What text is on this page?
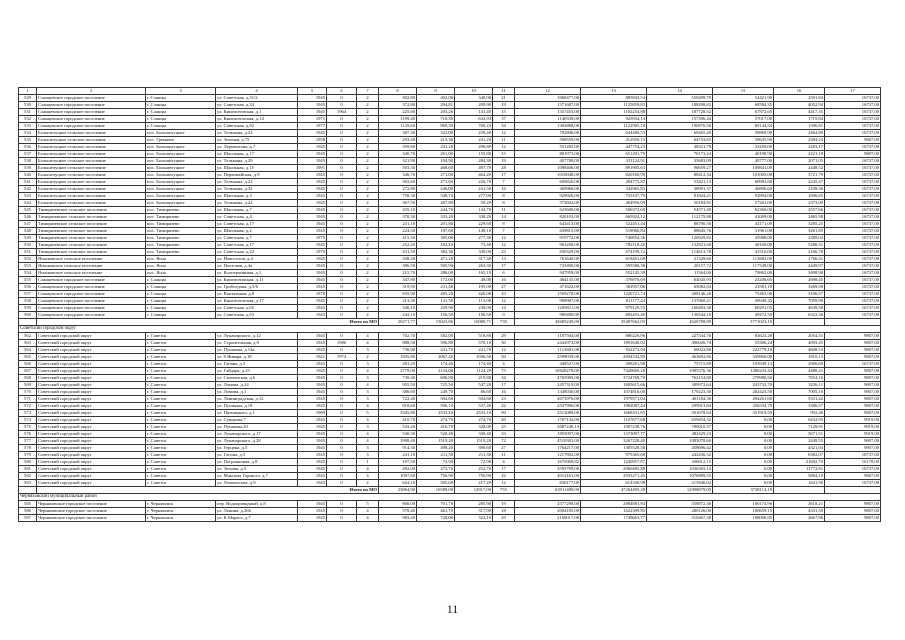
1	2	3	4	5	6	7	8	9	10	11	12	13	14	15	16	17
529	Сланцевское городское поселение	г. Сланцы	ул. Советская, д.31/2	1945	0	2	402,80	402,00	340,00	21	1968477,00	885843,54	550209,79	54421,90	2591,84	16737,00
530	Сланцевское городское поселение	г. Сланцы	ул. Советская, д.34	1945	0	2	372,80	294,81	209,90	19	1371687,00	1125859,83	188298,82	68584,35	4052,94	16737,00
531	Сланцевское городское поселение	г. Сланцы	ул. Кингисеппская, д.1	1945	1964	2	225,60	203,26	141,40	15	1357453,00	1102254,88	187728,52	67872,65	4417,35	16737,00
532	Сланцевское городское поселение	г. Сланцы	ул. Кингисеппская, д.14	1971	0	2	1199,40	710,30	632,93	37	1140338,00	925934,14	157396,44	57017,00	1719,84	16737,00
533	Сланцевское городское поселение	г. Сланцы	ул. Советская, д.82	1977	0	2	1129,60	869,30	769,23	34	1382888,00	1122905,18	190876,56	69144,34	1596,81	16737,00
534	Большелуцкое сельское поселение	пос. Большелуцкое	ул. Тельмана, д.24	1945	0	2	387,30	322,00	239,40	12	792806,00	644480,53	69465,49	39869,90	2464,89	16737,00
535	Большелуцкое сельское поселение	пос. Гремячее	ул. Зеленая, д.75	1958	0	2	293,40	213,30	241,20	11	508559,00	412950,15	64753,65	39635,90	2384,24	9807,00
536	Большелуцкое сельское поселение	пос. Большелуцкое	ул. Лермонтова, д.7	1945	0	2	359,80	241,20	298,80	12	551285,00	447754,23	48321,78	33259,00	2283,17	16737,00
537	Большелуцкое сельское поселение	пос. Большелуцкое	ул. Школьная, д.17	1945	0	2	340,76	261,00	155,80	15	801973,00	651201,79	70173,24	40198,90	2221,19	9807,00
538	Большелуцкое сельское поселение	пос. Большелуцкое	ул. Тельмана, д.29	1945	0	2	321,90	194,90	284,30	19	407780,00	331124,91	35683,09	40777,00	2071,05	16737,00
539	Большелуцкое сельское поселение	пос. Большелуцкое	ул. Школьная, д.15	1991	0	2	503,30	468,60	497,70	28	1098406,00	891905,63	96659,27	109841,00	2448,52	16737,00
540	Большелуцкое сельское поселение	пос. Большелуцкое	ул. Первомайская, д.9	1945	0	2	346,70	271,00	464,20	17	1010048,00	820160,99	88412,34	101005,00	3721,79	16737,00
541	Большелуцкое сельское поселение	пос. Большелуцкое	ул. Тельмана, д.22	1945	0	2	302,60	271,60	226,70	7	609826,00	494775,87	53421,13	60982,60	2245,47	16737,00
542	Большелуцкое сельское поселение	пос. Большелуцкое	ул. Тельмана, д.32	1945	0	2	272,80	246,00	241,50	16	469966,00	342965,83	38991,37	46896,60	2109,36	16737,00
543	Большелуцкое сельское поселение	пос. Большелуцкое	ул. Школьная, д.3	1945	0	2	758,30	548,10	277,00	8	929926,00	755107,79	81824,21	92994,00	1696,65	16737,00
544	Большелуцкое сельское поселение	пос. Большелуцкое	ул. Тельмана, д.24	1945	0	2	367,50	267,80	59,20	8	572604,00	464956,09	50184,91	57261,00	2373,00	16737,00
545	Тимирязевское сельское поселение	пос. Тимирязево	ул. Школьная, д.7	1945	0	2	435,10	244,70	144,70	11	623600,00	506372,60	54571,40	62360,00	2557,66	16737,00
546	Тимирязевское сельское поселение	пос. Тимирязево	ул. Советская, д.4	1945	0	2	370,30	333,20	338,20	14	820103,00	665924,12	112175,88	41009,00	2465,98	16737,00
547	Тимирязевское сельское поселение	пос. Тимирязево	ул. Советская, д.17	1945	0	2	231,10	201,80	229,60	8	643413,00	522451,44	88790,56	32171,00	3285,25	16737,00
548	Тимирязевское сельское поселение	пос. Тимирязево	ул. Школьная, д.2	1945	0	2	224,50	197,60	149,10	7	639815,00	518966,84	88845,76	31961,00	3261,85	16737,00
549	Тимирязевское сельское поселение	пос. Тимирязево	ул. Советская, д.7	1975	0	2	415,30	385,00	277,30	12	919772,00	746854,36	126929,82	45988,00	2389,02	16737,00
550	Тимирязевское сельское поселение	пос. Тимирязево	ул. Советская, д.17	1945	0	2	252,20	182,10	73,40	12	963200,00	782118,40	132921,60	48160,00	5280,31	16737,00
551	Тимирязевское сельское поселение	пос. Тимирязево	ул. Советская, д.22	1970	0	2	431,50	382,30	330,00	23	830329,00	674199,12	114613,78	41516,00	2166,78	16737,00
552	Ясноковское сельское поселение	пос. Ясно	ул. Новоселов, д.4	1945	0	2	338,20	471,20	317,30	13	761640,00	618451,68	21329,60	113882,00	1766,31	16737,00
553	Ясноковское сельское поселение	пос. Ясно	ул. Почтовая, д.4а	1945	0	2	396,50	505,90	263,30	17	733490,00	595586,38	20157,72	117549,00	2449,97	16737,00
554	Ясноковское сельское поселение	пос. Ясно	ул. Кооперативная, д.1	1945	0	2	215,70	286,00	165,10	6	947959,00	552145,39	11564,00	79862,00	3498,90	16737,00
555	Сланцевское городское поселение	г. Сланцы	ул. Кингисеппская, д.11	1945	0	2	347,80	172,00	48,00	16	464135,00	376876,69	64045,93	23206,65	2698,45	16737,00
556	Сланцевское городское поселение	г. Сланцы	ул. Грибоедова, д.5/6	1945	0	2	319,90	231,40	195,00	27	471622,00	382957,06	65082,84	23581,10	3269,99	16737,00
557	Сланцевское городское поселение	г. Сланцы	ул. Вокзальная, д.8	1978	0	2	835,90	485,20	426,00	43	1509278,00	1226721,74	208146,26	75463,90	3106,57	16737,00
558	Сланцевское городское поселение	г. Сланцы	ул. Кингисеппская, д.17	1945	0	2	213,30	141,50	113,00	12	998987,00	811177,44	137860,21	49949,35	7059,98	16737,00
559	Сланцевское городское поселение	г. Сланцы	ул. Советская, д.65	1945	0	2	346,10	259,90	239,00	14	1205821,00	979120,55	166403,30	60291,05	4639,58	16737,00
560	Сланцевское городское поселение	г. Сланцы	ул. Советская, д.63	1945	0	2	242,10	156,50	156,50	9	989490,00	803453,40	136544,10	49472,50	6322,36	16737,00
	Итого по МО						20271,77	15023,86	10080,71	735	43685249,00	35487662,05	4626788,89	3771023,10		
Советский городской округ																
562	Советский городской округ	г. Советск	ул. Луначарского, д.12	1945	0	4	702,70	582,00	518,80	29	1187504,00	886226,96	227544,76	83623,28	2054,51	9807,00
563	Советский городской округ	г. Советск	ул. Строительная, д.9	1945	1986	4	888,50	596,80	570,10	30	2442973,00	1891640,02	496026,74	55306,24	4093,45	9807,00
564	Советский городской округ	г. Советск	ул. Пушкина, д.14а	1945	0	3	736,90	241,70	241,70	12	1113681,00	832272,94	66022,86	222779,10	4608,53	9807,00
565	Советский городской округ	г. Советск	ул. 9 Января, д.18	1941	1974	2	1835,80	2067,40	1936,50	50	2599039,00	2094534,80	463692,86	339860,00	1810,13	9807,00
566	Советский городской округ	г. Советск	ул. Гагина, д.3	1945	0	3	281,20	174,40	174,40	4	448527,00	308261,98	75715,89	103949,13	2966,69	16737,00
567	Советский городской округ	г. Советск	ул. Гайдара, д.25	1945	0	4	2779,00	2134,00	1124,20	75	10828279,00	7426669,20	1905376,36	1480233,44	4488,21	9807,00
568	Советский городской округ	г. Советск	ул. Смоленская, д.6	1945	0	3	730,40	606,80	219,80	34	4765905,00	3724769,70	762154,80	279980,50	7854,16	9807,00
569	Советский городской округ	г. Советск	ул. Ломова, д.24	1945	0	4	955,50	725,50	547,20	17	2457319,00	1805615,66	389972,64	243732,70	3226,11	9807,00
570	Советский городской округ	г. Советск	ул. Ломова, д.1	1945	0	3	386,60	249,70	66,60	16	1348030,00	1074816,00	179223,30	262423,50	7005,16	9807,00
571	Советский городской округ	г. Советск	ул. Ленинградская, д.12	1945	0	3	722,40	504,60	504,60	23	2673976,00	1979571,04	401184,36	294261,60	5331,42	9807,00
572	Советский городской округ	г. Советск	ул. Пушкина, д.18	1945	0	4	818,60	596,10	537,40	22	2537996,00	1982087,44	299913,84	256534,70	3386,57	9807,00
573	Советский городской округ	г. Советск	ул. Пятницкого, д.1	1969	0	5	3345,80	2533,10	2533,10	90	2513089,00	1668331,65	501678,64	351919,59	992,46	9807,00
574	Советский городской округ	г. Советск	ул. Суворова,7	1945	0	4	410,70	274,70	274,70	20	1767132,00	1107677,68	659454,32	0,00	6432,95	9919,00
575	Советский городской округ	г. Советск	ул. Пушкина,20	1945	0	3	543,20	416,70	328,00	25	2687249,13	1907238,76	780010,37	0,00	7129,91	9919,00
576	Советский городской округ	г. Советск	ул. Луначарского, д.17	1945	0	4	540,30	520,40	330,40	33	1855097,00	1373097,77	482429,23	0,00	5671,51	9919,00
577	Советский городской округ	г. Советск	ул. Луначарского, д.28	1945	0	4	1998,40	1519,20	1519,20	72	4510301,00	3267228,40	1083078,60	0,00	2449,55	9807,00
578	Советский городской округ	г. Советск	ул. Герцена, д.5	1945	0	3	914,30	498,20	390,60	27	1764217,00	1305520,58	458696,42	0,00	4321,94	9807,00
579	Советский городской округ	г. Советск	ул. Гагина, д.5	1945	0	3	241,10	211,50	211,30	11	1217802,00	975365,68	242436,32	0,00	6382,07	16737,00
580	Советский городской округ	г. Советск	ул. Пограничная, д.8	1945	0	1	107,50	72,90	72,90	4	1676969,82	1240957,67	436012,15	0,00	21692,70	16178,00
581	Советский городской округ	г. Советск	ул. Тюхова, д.5	1945	0	4	492,00	273,70	252,70	17	3595789,00	2960485,88	1036303,14	0,00	11772,81	16737,00
582	Советский городской округ	г. Советск	ул. Максима Горького, д.7	1945	0	4	1097,60	756,90	756,90	42	4012161,00	2935271,45	1076889,55	0,00	5864,10	9807,00
583	Советский городской округ	г. Советск	ул. Ломоносова, д.9	1945	0	2	624,10	505,60	217,20	12	830177,00	614330,98	215846,02	0,00	1641,96	16737,00
	Итого по МО						23864,90	16589,00	12917,00	755	63911490,00	47264495,28	12908879,05	3738114,18		
Черняховский муниципальный район																
585	Черняховское городское поселение	г. Черняховск	пер. Водопроводный, д.8	1945	0	5	800,00	701,70	285,90	19	2577298,00	2984881,84	558872,36	100174,96	2618,21	9807,00
586	Черняховское городское поселение	г. Черняховск	ул. Ленина, д.266	1945	0	4	578,40	461,70	317,00	18	2004185,00	1622399,85	280126,00	100659,15	4331,39	9807,00
587	Черняховское городское поселение	г. Черняховск	ул. К.Маркса, д.7	1945	0	4	983,40	728,00	323,10	29	2169017,00	1749663,77	310467,38	108000,85	2667,96	9807,00
11
